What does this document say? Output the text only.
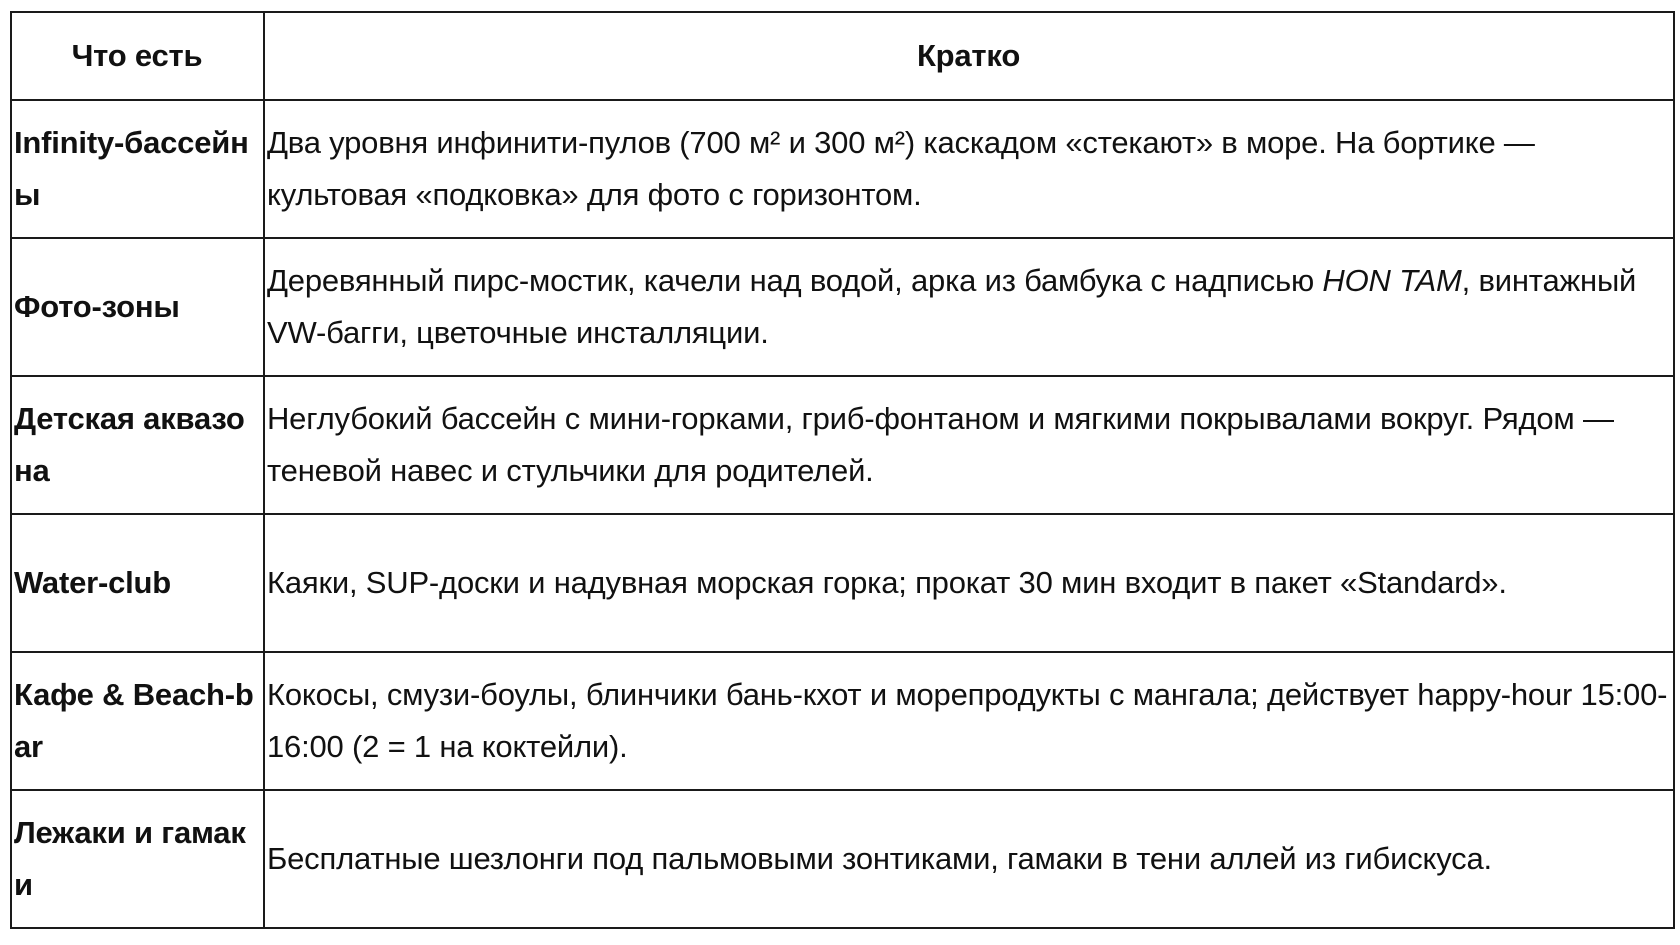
Что есть	Кратко
Infinity-бассейны	Два уровня инфинити-пулов (700 м² и 300 м²) каскадом «стекают» в море. На бортике — культовая «подковка» для фото с горизонтом.
Фото-зоны	Деревянный пирс-мостик, качели над водой, арка из бамбука с надписью HON TAM, винтажный VW-багги, цветочные инсталляции.
Детская аквазона	Неглубокий бассейн с мини-горками, гриб-фонтаном и мягкими покрывалами вокруг. Рядом — теневой навес и стульчики для родителей.
Water-club	Каяки, SUP-доски и надувная морская горка; прокат 30 мин входит в пакет «Standard».
Кафе & Beach-bar	Кокосы, смузи-боулы, блинчики бань-кхот и морепродукты с мангала; действует happy-hour 15:00-16:00 (2 = 1 на коктейли).
Лежаки и гамаки	Бесплатные шезлонги под пальмовыми зонтиками, гамаки в тени аллей из гибискуса.
